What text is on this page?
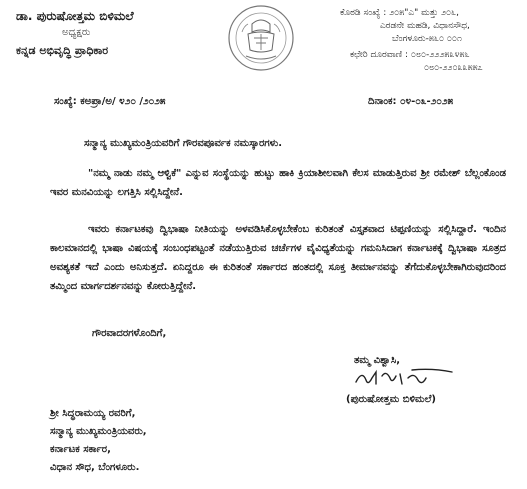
ಡಾ. ಪುರುಷೋತ್ತಮ ಬಿಳಿಮಲೆ
ಅಧ್ಯಕ್ಷರು
ಕನ್ನಡ ಅಭಿವೃದ್ಧಿ ಪ್ರಾಧಿಕಾರ
ಕೊಠಡಿ ಸಂಖ್ಯೆ : ೨೦೫"ಎ" ಮತ್ತು ೨೦೬,
ಎರಡನೇ ಮಹಡಿ, ವಿಧಾನಸೌಧ,
ಬೆಂಗಳೂರು-೫೬೦ ೦೦೧
ಕಛೇರಿ ದೂರವಾಣಿ : ೦೮೦-೨೨೨೫೩೪೫೬
೦೮೦-೨೨೦೩೩೫೫೭
ಸಂಖ್ಯೆ: ಕಅಪ್ರಾ/ಅ/ ೪೨೦ /೨೦೨೫	ದಿನಾಂಕ: ೦೪-೦೩-೨೦೨೫
ಸನ್ಮಾನ್ಯ ಮುಖ್ಯಮಂತ್ರಿಯವರಿಗೆ ಗೌರವಪೂರ್ವಕ ನಮಸ್ಕಾರಗಳು.
"ನಮ್ಮ ನಾಡು ನಮ್ಮ ಆಳ್ವಿಕೆ" ಎನ್ನುವ ಸಂಸ್ಥೆಯನ್ನು ಹುಟ್ಟು ಹಾಕಿ ಕ್ರಿಯಾಶೀಲವಾಗಿ ಕೆಲಸ ಮಾಡುತ್ತಿರುವ ಶ್ರೀ ರಮೇಶ್ ಬೆಲ್ಲಂಕೊಂಡ ಇವರ ಮನವಿಯನ್ನು ಲಗತ್ತಿಸಿ ಸಲ್ಲಿಸಿದ್ದೇನೆ.
ಇವರು ಕರ್ನಾಟಕವು ದ್ವಿಭಾಷಾ ನೀತಿಯನ್ನು ಅಳವಡಿಸಿಕೊಳ್ಳಬೇಕೆಂಬ ಕುರಿತಂತೆ ವಿಸ್ತೃತವಾದ ಟಿಪ್ಪಣಿಯನ್ನು ಸಲ್ಲಿಸಿದ್ದಾರೆ. ಇಂದಿನ ಕಾಲಮಾನದಲ್ಲಿ ಭಾಷಾ ವಿಷಯಕ್ಕೆ ಸಂಬಂಧಪಟ್ಟಂತೆ ನಡೆಯುತ್ತಿರುವ ಚರ್ಚೆಗಳ ವೈವಿಧ್ಯತೆಯನ್ನು ಗಮನಿಸಿದಾಗ ಕರ್ನಾಟಕಕ್ಕೆ ದ್ವಿಭಾಷಾ ಸೂತ್ರದ ಅವಶ್ಯಕತೆ ಇದೆ ಎಂದು ಅನಿಸುತ್ತದೆ. ಏನಿದ್ದರೂ ಈ ಕುರಿತಂತೆ ಸರ್ಕಾರದ ಹಂತದಲ್ಲಿ ಸೂಕ್ತ ತೀರ್ಮಾನವನ್ನು ತೆಗೆದುಕೊಳ್ಳಬೇಕಾಗಿರುವುದರಿಂದ ತಮ್ಮಿಂದ ಮಾರ್ಗದರ್ಶನವನ್ನು ಕೋರುತ್ತಿದ್ದೇನೆ.
ಗೌರವಾದರಗಳೊಂದಿಗೆ,
ತಮ್ಮ ವಿಶ್ವಾಸಿ,
(ಪುರುಷೋತ್ತಮ ಬಿಳಿಮಲೆ)
ಶ್ರೀ ಸಿದ್ಧರಾಮಯ್ಯ ರವರಿಗೆ,
ಸನ್ಮಾನ್ಯ ಮುಖ್ಯಮಂತ್ರಿಯವರು,
ಕರ್ನಾಟಕ ಸರ್ಕಾರ,
ವಿಧಾನ ಸೌಧ, ಬೆಂಗಳೂರು.
